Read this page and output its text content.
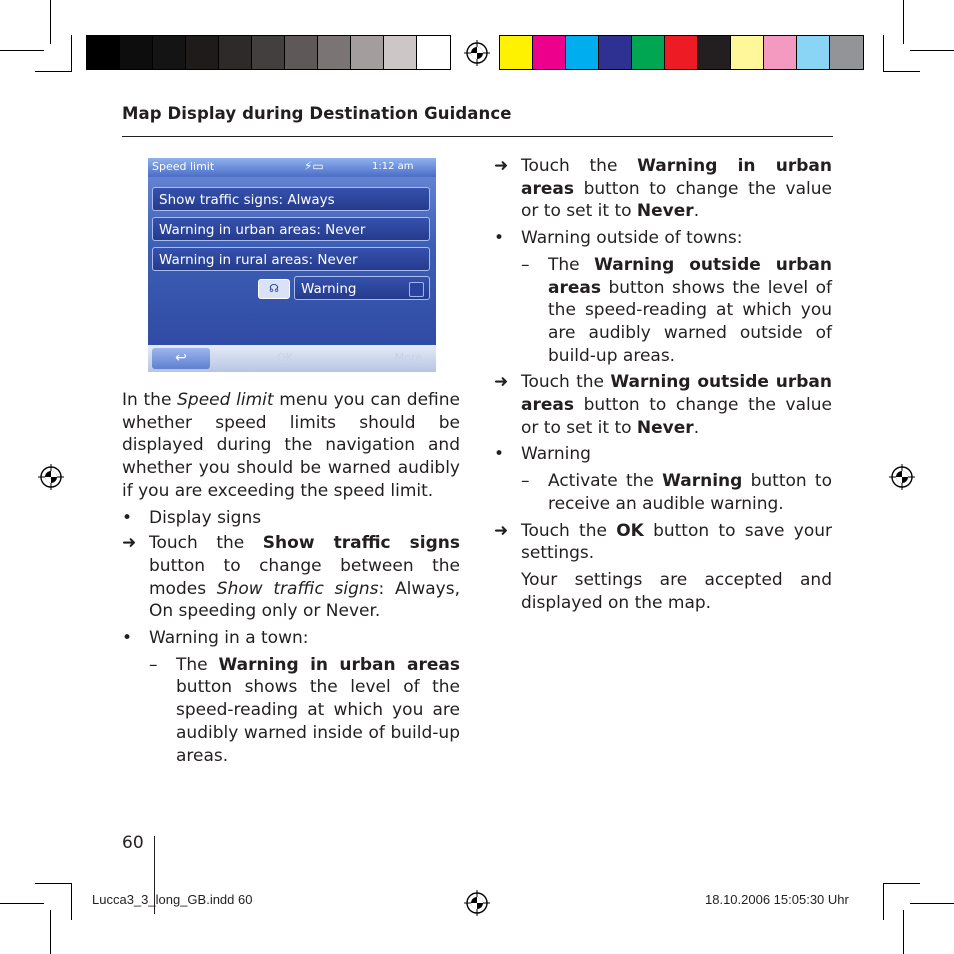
Map Display during Destination Guidance
Speed limit	⚡▭	1:12 am
Show traffic signs: Always
Warning in urban areas: Never
Warning in rural areas: Never
☊	Warning
↩	OK	More

In the Speed limit menu you can define whether speed limits should be displayed during the navigation and whether you should be warned audibly if you are exceeding the speed limit.

• Display signs
➜ Touch the Show traffic signs button to change between the modes Show traffic signs: Always, On speeding only or Never.
• Warning in a town:
– The Warning in urban areas button shows the level of the speed-reading at which you are audibly warned inside of build-up areas.
➜ Touch the Warning in urban areas button to change the value or to set it to Never.
• Warning outside of towns:
– The Warning outside urban areas button shows the level of the speed-reading at which you are audibly warned outside of build-up areas.
➜ Touch the Warning outside urban areas button to change the value or to set it to Never.
• Warning
– Activate the Warning button to receive an audible warning.
➜ Touch the OK button to save your settings.

Your settings are accepted and displayed on the map.

60
Lucca3_3_long_GB.indd 60	18.10.2006 15:05:30 Uhr
